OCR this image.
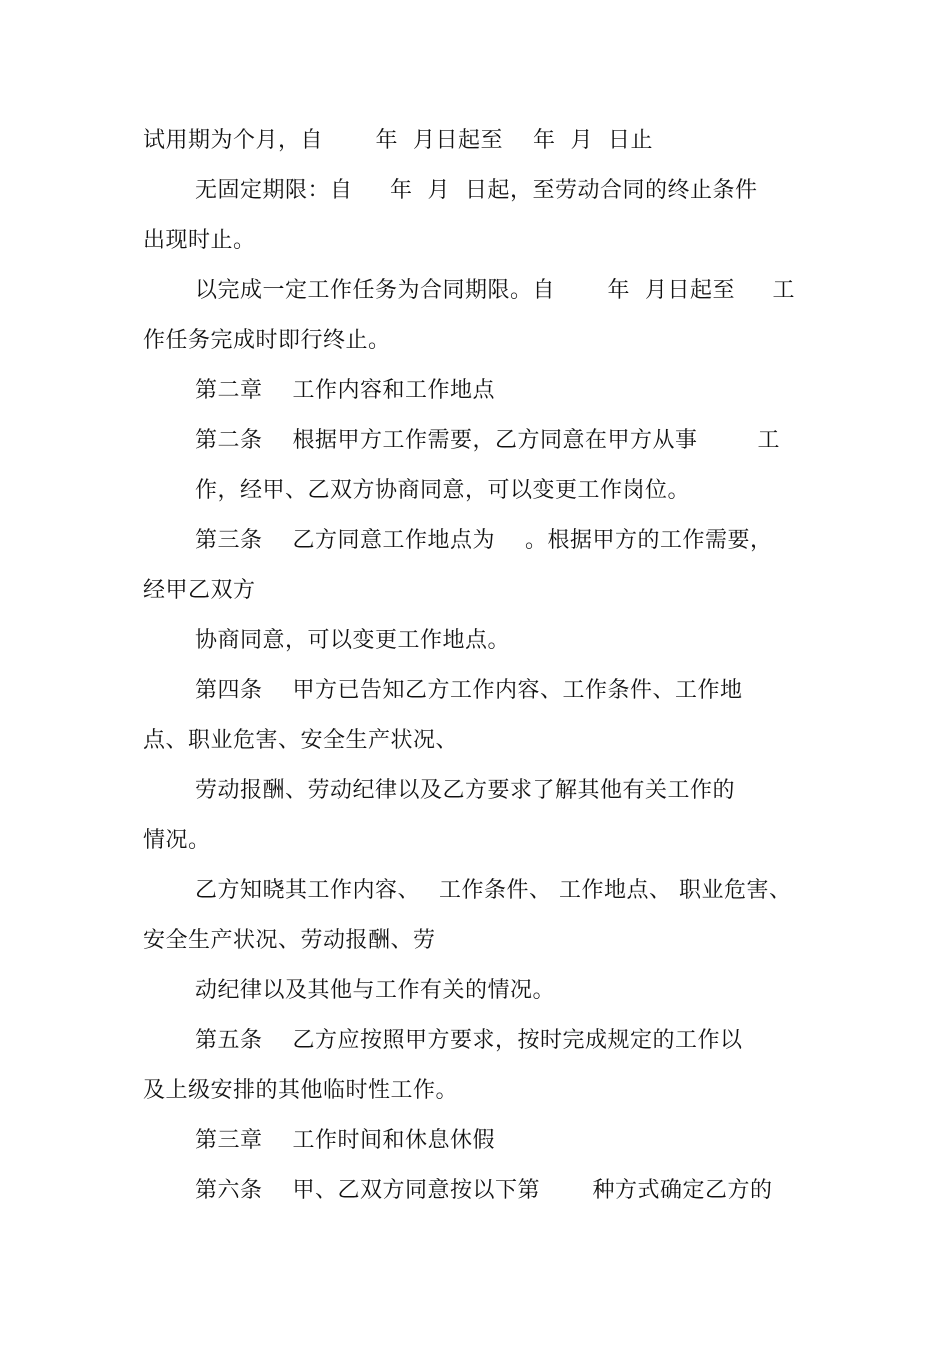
试用期为个月，自　　 年  月日起至　 年  月  日止
无固定期限：自　  年  月  日起，至劳动合同的终止条件
出现时止。
以完成一定工作任务为合同期限。自　　 年  月日起至　  工
作任务完成时即行终止。
第二章　 工作内容和工作地点
第二条　 根据甲方工作需要，乙方同意在甲方从事　　  工
作，经甲、乙双方协商同意，可以变更工作岗位。
第三条　 乙方同意工作地点为　 。根据甲方的工作需要，
经甲乙双方
协商同意，可以变更工作地点。
第四条　 甲方已告知乙方工作内容、工作条件、工作地
点、职业危害、安全生产状况、
劳动报酬、劳动纪律以及乙方要求了解其他有关工作的
情况。
乙方知晓其工作内容、　 工作条件、 工作地点、 职业危害、
安全生产状况、劳动报酬、劳
动纪律以及其他与工作有关的情况。
第五条　 乙方应按照甲方要求，按时完成规定的工作以
及上级安排的其他临时性工作。
第三章　 工作时间和休息休假
第六条　 甲、乙双方同意按以下第　　 种方式确定乙方的
